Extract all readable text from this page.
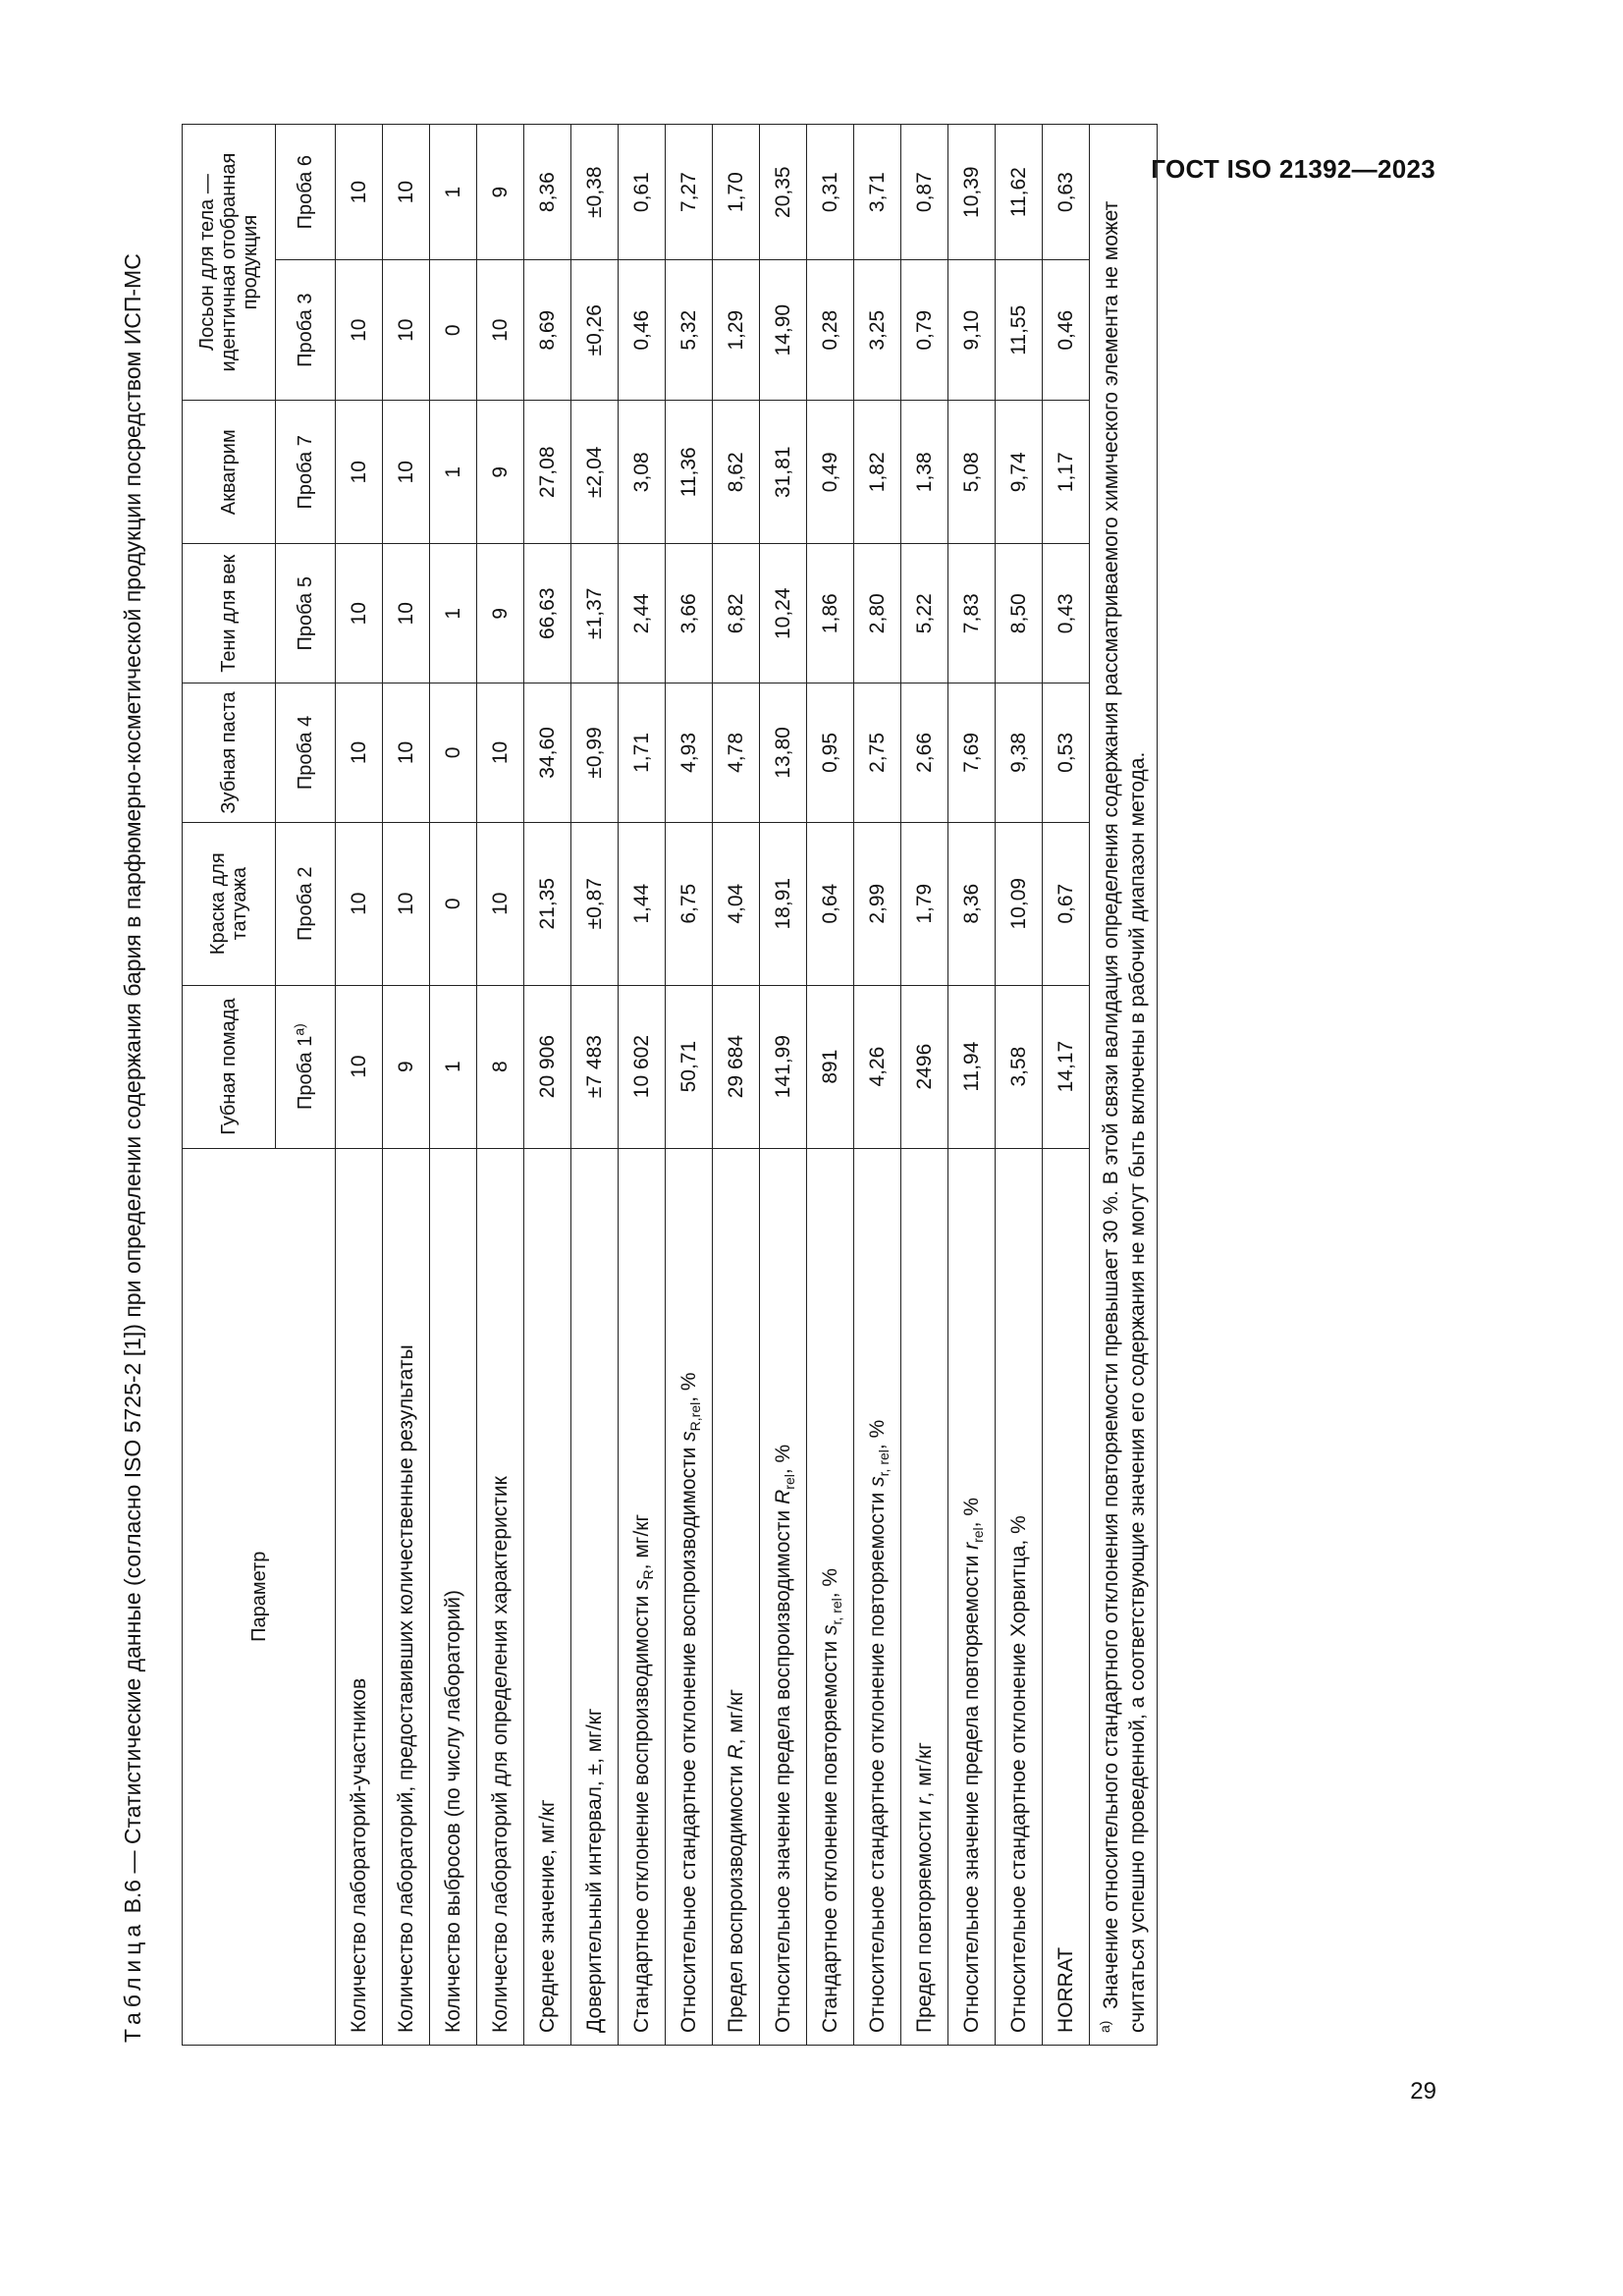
ГОСТ ISO 21392—2023
Таблица В.6 — Статистические данные (согласно ISO 5725-2 [1]) при определении содержания бария в парфюмерно-косметической продукции посредством ИСП-МС	Параметр	Губная помада	Краска для татуажа	Зубная паста	Тени для век	Аквагрим	Лосьон для тела — идентичная отобранная продукция	
	Проба $1^{а)}$	Проба 2	Проба 4	Проба 5	Проба 7	Проба 3	Проба 6
Количество лабораторий-участников	10	10	10	10	10	10	10
Количество лабораторий, предоставивших количественные результаты	9	10	10	10	10	10	10
Количество выбросов (по числу лабораторий)	1	0	0	1	1	0	1
Количество лабораторий для определения характеристик	8	10	10	9	9	10	9
Среднее значение, мг/кг	20 906	21,35	34,60	66,63	27,08	8,69	8,36
Доверительный интервал, ±, мг/кг	±7 483	±0,87	±0,99	±1,37	±2,04	±0,26	±0,38
Стандартное отклонение воспроизводимости $s_R$, мг/кг	10 602	1,44	1,71	2,44	3,08	0,46	0,61
Относительное стандартное отклонение воспроизводимости $s_{R,rel}$, %	50,71	6,75	4,93	3,66	11,36	5,32	7,27
Предел воспроизводимости R, мг/кг	29 684	4,04	4,78	6,82	8,62	1,29	1,70
Относительное значение предела воспроизводимости $R_{rel}$, %	141,99	18,91	13,80	10,24	31,81	14,90	20,35
Стандартное отклонение повторяемости $s_{r, rel}$, %	891	0,64	0,95	1,86	0,49	0,28	0,31
Относительное стандартное отклонение повторяемости $s_{r, rel}$, %	4,26	2,99	2,75	2,80	1,82	3,25	3,71
Предел повторяемости r, мг/кг	2496	1,79	2,66	5,22	1,38	0,79	0,87
Относительное значение предела повторяемости $r_{rel}$, %	11,94	8,36	7,69	7,83	5,08	9,10	10,39
Относительное стандартное отклонение Хорвитца, %	3,58	10,09	9,38	8,50	9,74	11,55	11,62
HORRAT	14,17	0,67	0,53	0,43	1,17	0,46	0,63
$^{а)}$  Значение относительного стандартного отклонения повторяемости превышает 30 %. В этой связи валидация определения содержания рассматриваемого химического элемента не может считаться успешно проведенной, а соответствующие значения его содержания не могут быть включены в рабочий диапазон метода.							
29
